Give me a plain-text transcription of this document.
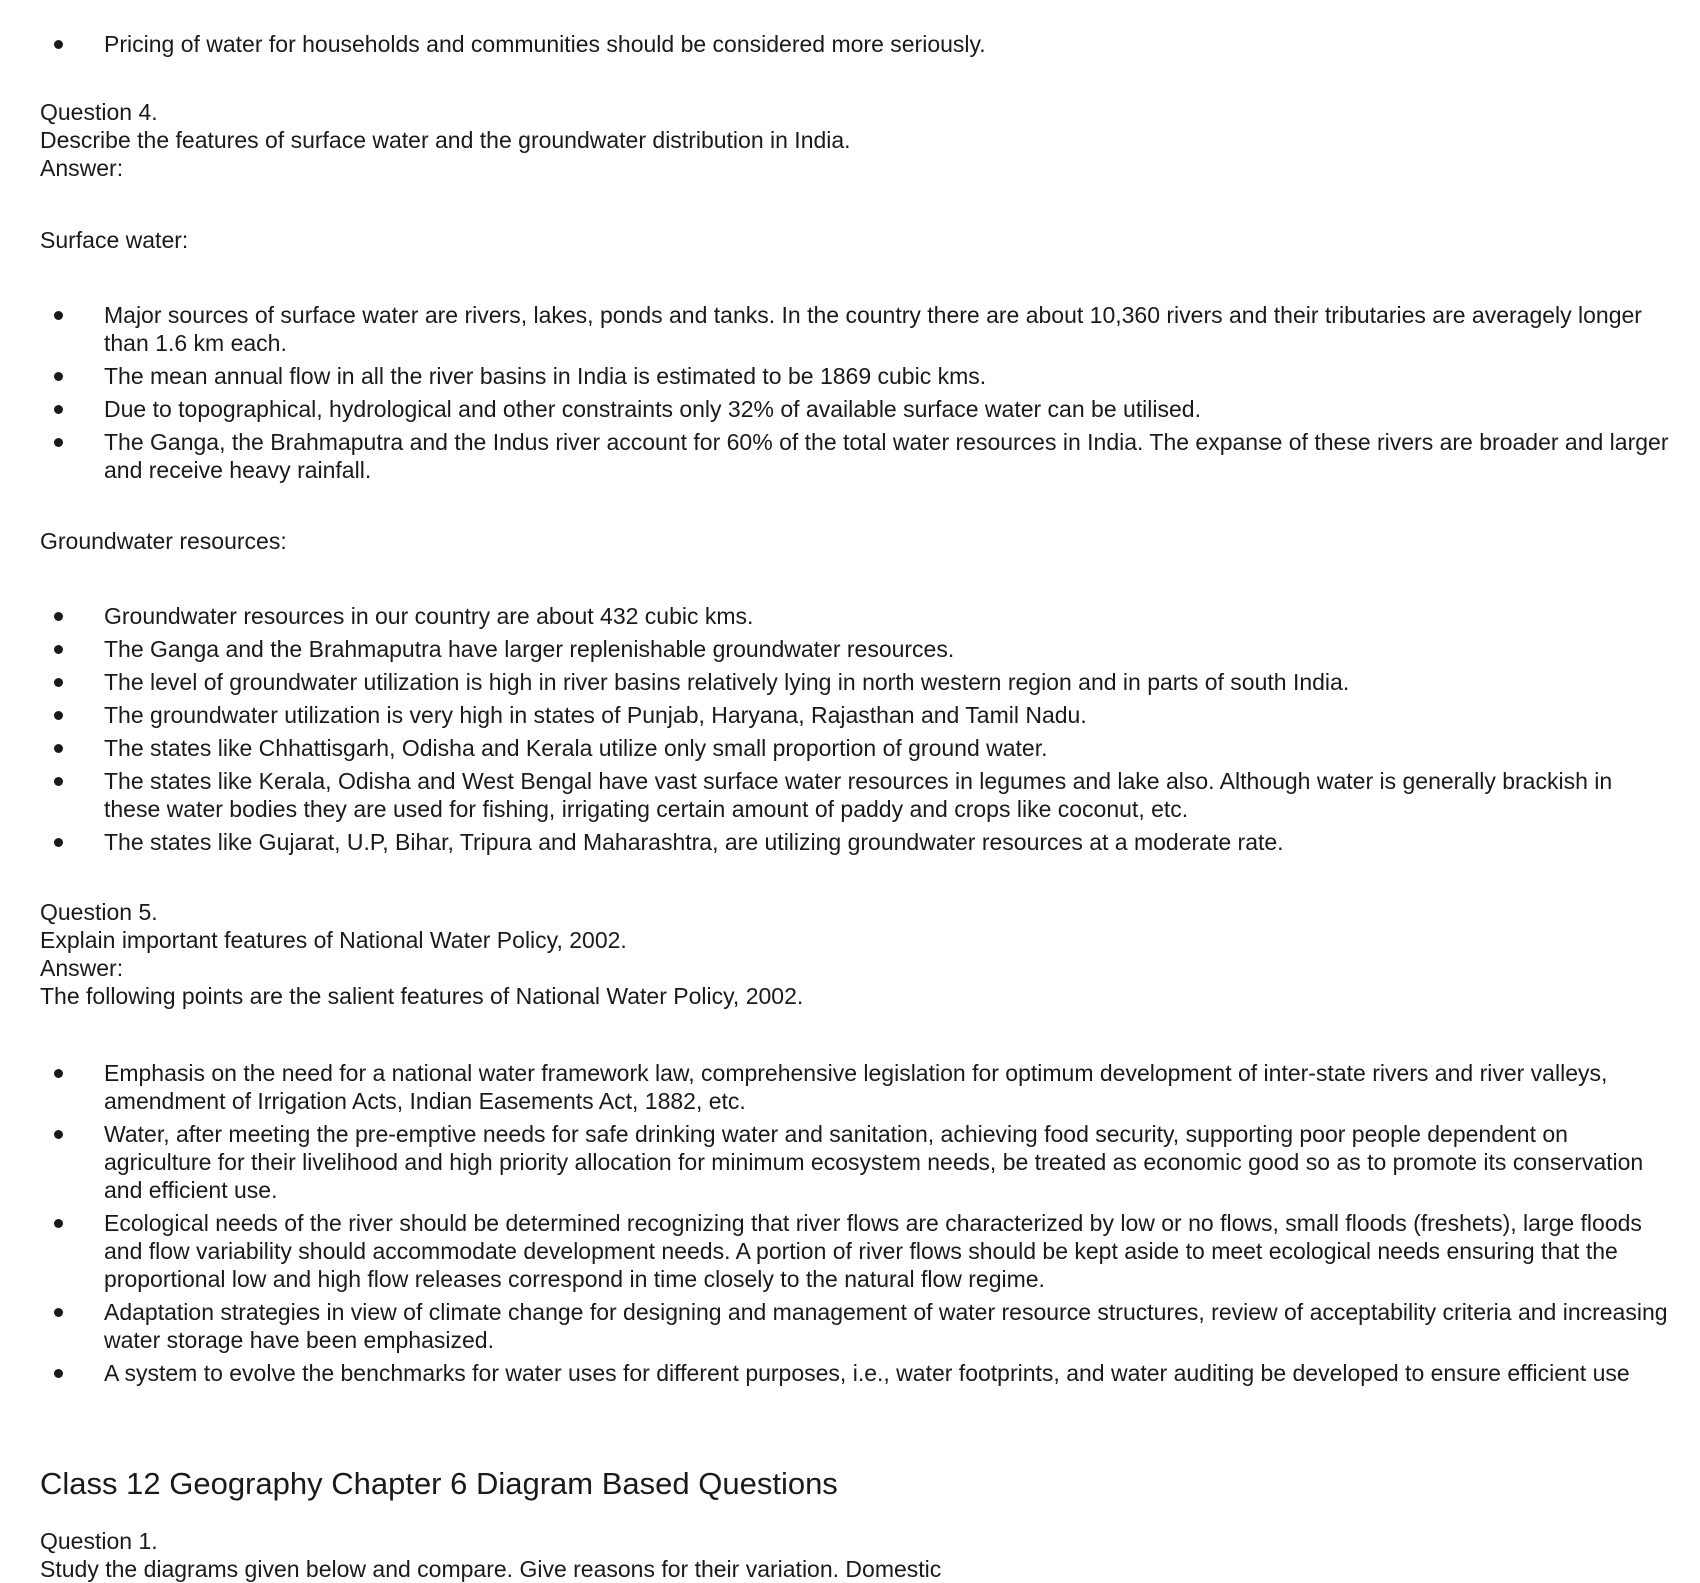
Pricing of water for households and communities should be considered more seriously.

Question 4.

Describe the features of surface water and the groundwater distribution in India.

Answer:

Surface water:
Major sources of surface water are rivers, lakes, ponds and tanks. In the country there are about 10,360 rivers and their tributaries are averagely longer than 1.6 km each.
The mean annual flow in all the river basins in India is estimated to be 1869 cubic kms.
Due to topographical, hydrological and other constraints only 32% of available surface water can be utilised.
The Ganga, the Brahmaputra and the Indus river account for 60% of the total water resources in India. The expanse of these rivers are broader and larger and receive heavy rainfall.
Groundwater resources:
Groundwater resources in our country are about 432 cubic kms.
The Ganga and the Brahmaputra have larger replenishable groundwater resources.
The level of groundwater utilization is high in river basins relatively lying in north western region and in parts of south India.
The groundwater utilization is very high in states of Punjab, Haryana, Rajasthan and Tamil Nadu.
The states like Chhattisgarh, Odisha and Kerala utilize only small proportion of ground water.
The states like Kerala, Odisha and West Bengal have vast surface water resources in legumes and lake also. Although water is generally brackish in these water bodies they are used for fishing, irrigating certain amount of paddy and crops like coconut, etc.
The states like Gujarat, U.P, Bihar, Tripura and Maharashtra, are utilizing groundwater resources at a moderate rate.

Question 5.

Explain important features of National Water Policy, 2002.

Answer:

The following points are the salient features of National Water Policy, 2002.

Emphasis on the need for a national water framework law, comprehensive legislation for optimum development of inter-state rivers and river valleys, amendment of Irrigation Acts, Indian Easements Act, 1882, etc.
Water, after meeting the pre-emptive needs for safe drinking water and sanitation, achieving food security, supporting poor people dependent on agriculture for their livelihood and high priority allocation for minimum ecosystem needs, be treated as economic good so as to promote its conservation and efficient use.
Ecological needs of the river should be determined recognizing that river flows are characterized by low or no flows, small floods (freshets), large floods and flow variability should accommodate development needs. A portion of river flows should be kept aside to meet ecological needs ensuring that the proportional low and high flow releases correspond in time closely to the natural flow regime.
Adaptation strategies in view of climate change for designing and management of water resource structures, review of acceptability criteria and increasing water storage have been emphasized.
A system to evolve the benchmarks for water uses for different purposes, i.e., water footprints, and water auditing be developed to ensure efficient use
Class 12 Geography Chapter 6 Diagram Based Questions

Question 1.

Study the diagrams given below and compare. Give reasons for their variation. Domestic
